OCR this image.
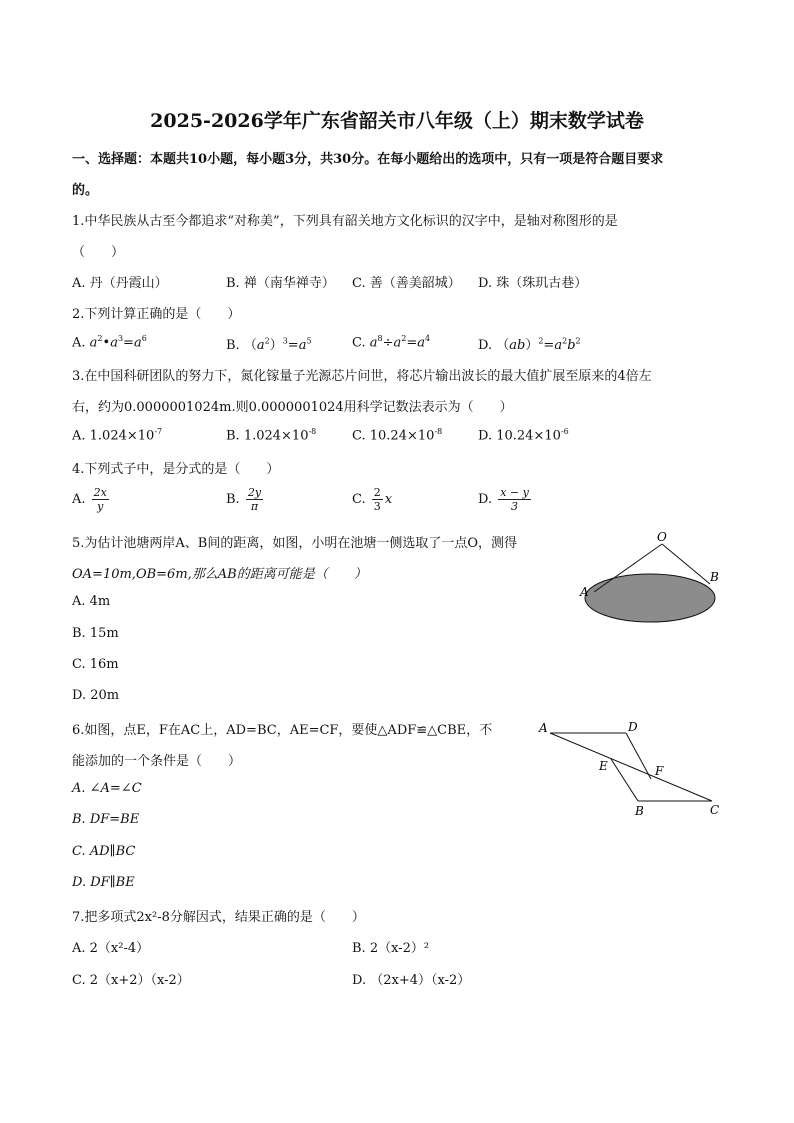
2025-2026学年广东省韶关市八年级（上）期末数学试卷
一、选择题：本题共10小题，每小题3分，共30分。在每小题给出的选项中，只有一项是符合题目要求
的。
1.中华民族从古至今都追求“对称美”，下列具有韶关地方文化标识的汉字中，是轴对称图形的是
（　　）
A. 丹（丹霞山）	B. 禅（南华禅寺） C. 善（善美韶城） D. 珠（珠玑古巷）
2.下列计算正确的是（　　）
A. $a^2•a^3=a^6$	B. $(a^2)^3=a^5$	C. $a^8\div a^2=a^4$	D. $(ab)^2=a^2b^2$
3.在中国科研团队的努力下，氮化镓量子光源芯片问世，将芯片输出波长的最大值扩展至原来的4倍左
右，约为0.0000001024m.则0.0000001024用科学记数法表示为（　　）
A. $1.024\times 10^{-7}$	B. $1.024\times 10^{-8}$	C. $10.24\times 10^{-8}$	D. $10.24\times 10^{-6}$
4.下列式子中，是分式的是（　　）
A. $\frac{2x}{y}$	B. $\frac{2y}{\pi}$	C. $\frac{2}{3}$ x	D. $\frac{x - y}{3}$
5.为估计池塘两岸A、B间的距离，如图，小明在池塘一侧选取了一点O，测得
OA=10m,OB=6m,那么AB的距离可能是（　　）
A. 4m
B. 15m
C. 16m
D. 20m
O
A
B
6.如图，点E，F在AC上，AD=BC，AE=CF，要使△ADF≌△CBE，不
能添加的一个条件是（　　）
A. ∠A=∠C
B. DF=BE
C. AD∥BC
D. DF∥BE
A	D
E	F
B	C
7.把多项式2x²-8分解因式，结果正确的是（　　）
A. 2（x²-4）	B. 2（x-2）²
C. 2（x+2）（x-2）	D. （2x+4）（x-2）
